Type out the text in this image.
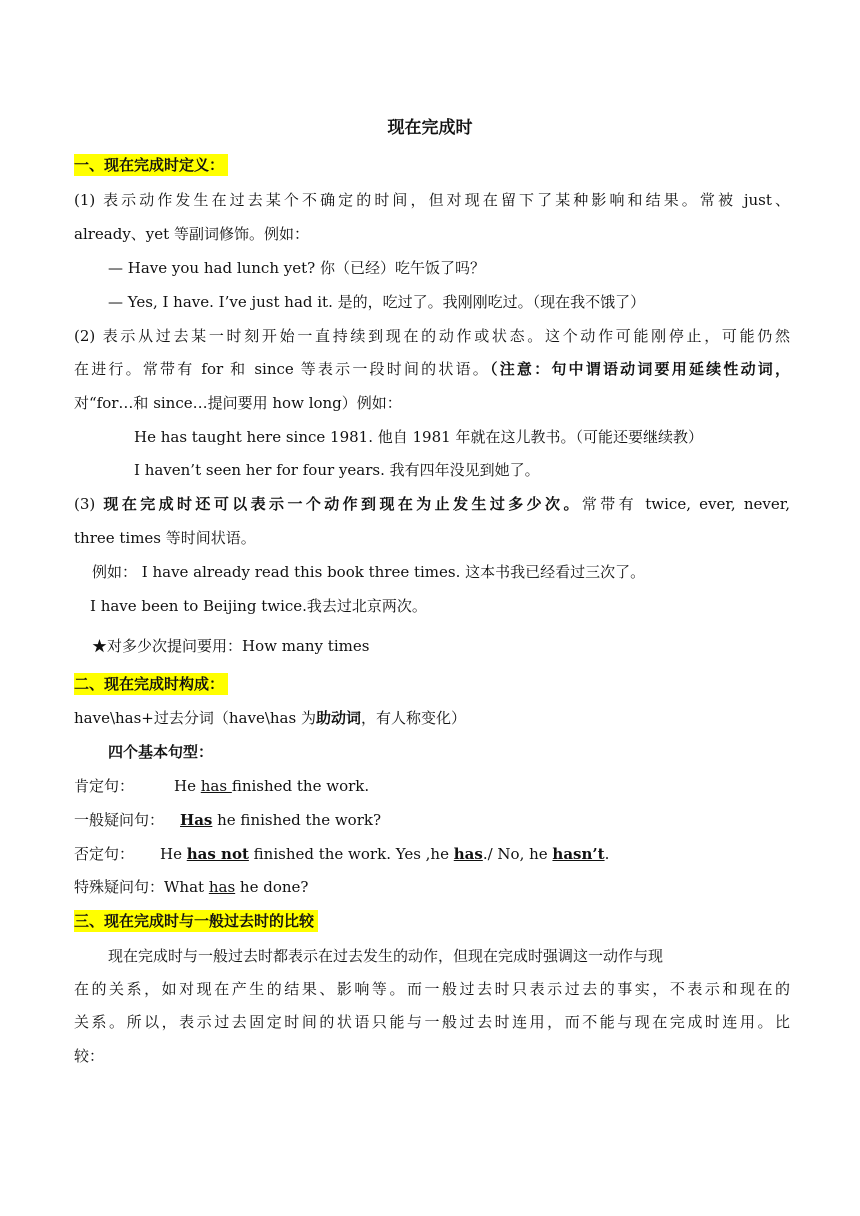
现在完成时
一、现在完成时定义：
(1) 表示动作发生在过去某个不确定的时间，但对现在留下了某种影响和结果。常被 just、
already、yet 等副词修饰。例如：
— Have you had lunch yet? 你（已经）吃午饭了吗？
— Yes, I have. I’ve just had it. 是的，吃过了。我刚刚吃过。（现在我不饿了）
(2) 表示从过去某一时刻开始一直持续到现在的动作或状态。这个动作可能刚停止，可能仍然
在进行。常带有 for 和 since 等表示一段时间的状语。（注意：句中谓语动词要用延续性动词，
对“for…和 since…提问要用 how long）例如：
He has taught here since 1981. 他自 1981 年就在这儿教书。（可能还要继续教）
I haven’t seen her for four years. 我有四年没见到她了。
(3) 现在完成时还可以表示一个动作到现在为止发生过多少次。常带有 twice, ever, never,
three times 等时间状语。
例如： I have already read this book three times. 这本书我已经看过三次了。
I have been to Beijing twice.我去过北京两次。
★对多少次提问要用：How many times
二、现在完成时构成：
have\has+过去分词（have\has 为助动词，有人称变化）
四个基本句型：
肯定句：	He has finished the work.
一般疑问句： Has he finished the work?
否定句： He has not finished the work. Yes ,he has./ No, he hasn’t.
特殊疑问句：What has he done?
三、现在完成时与一般过去时的比较
现在完成时与一般过去时都表示在过去发生的动作，但现在完成时强调这一动作与现
在的关系，如对现在产生的结果、影响等。而一般过去时只表示过去的事实，不表示和现在的
关系。所以，表示过去固定时间的状语只能与一般过去时连用，而不能与现在完成时连用。比
较：
